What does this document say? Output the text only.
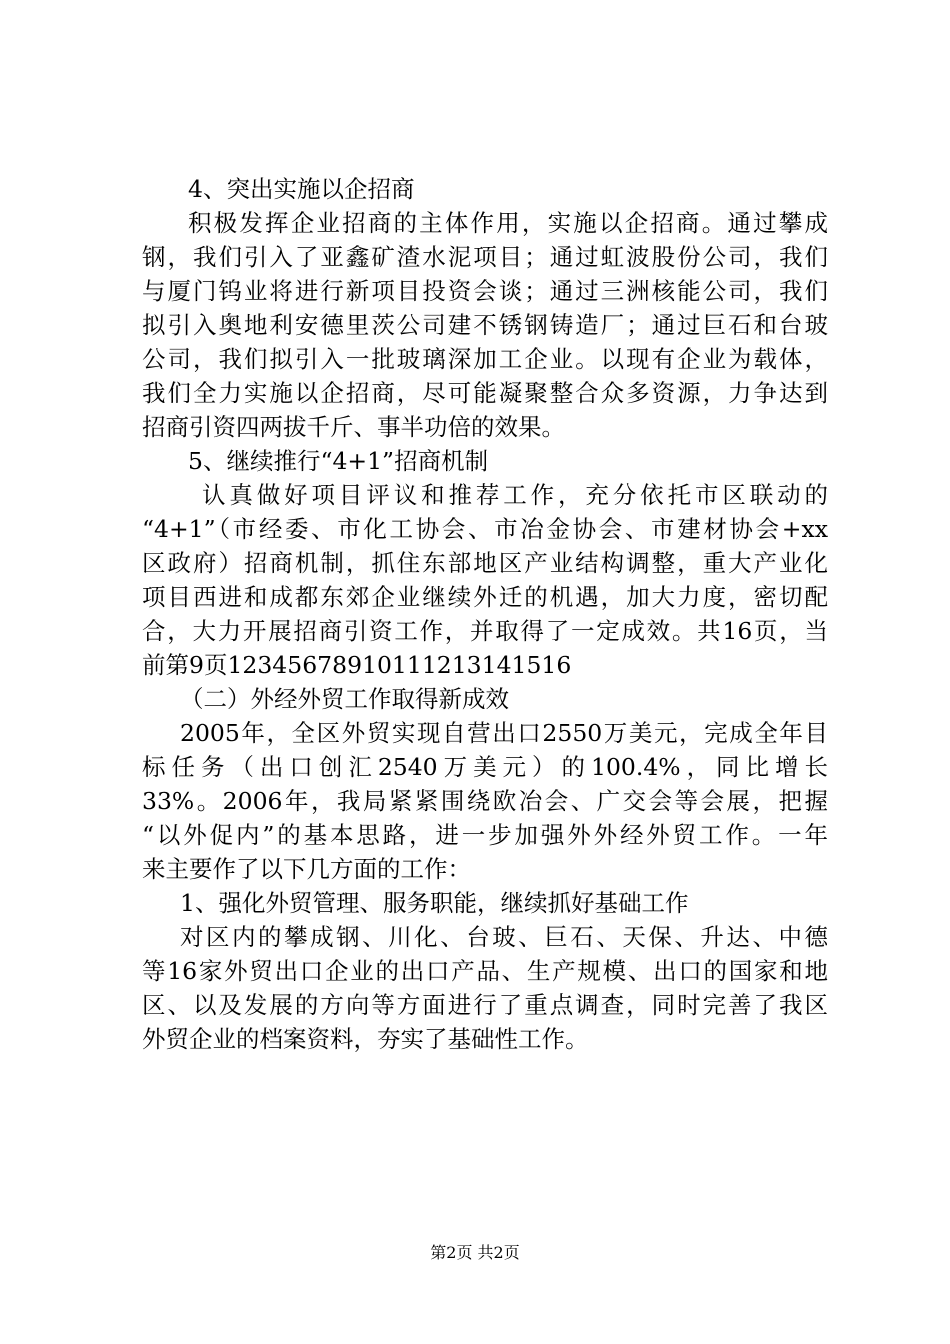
4、突出实施以企招商
积极发挥企业招商的主体作用，实施以企招商。通过攀成
钢，我们引入了亚鑫矿渣水泥项目；通过虹波股份公司，我们
与厦门钨业将进行新项目投资会谈；通过三洲核能公司，我们
拟引入奥地利安德里茨公司建不锈钢铸造厂；通过巨石和台玻
公司，我们拟引入一批玻璃深加工企业。以现有企业为载体，
我们全力实施以企招商，尽可能凝聚整合众多资源，力争达到
招商引资四两拔千斤、事半功倍的效果。
5、继续推行“4+1”招商机制
认真做好项目评议和推荐工作，充分依托市区联动的
“4+1”（市经委、市化工协会、市冶金协会、市建材协会+xx
区政府）招商机制，抓住东部地区产业结构调整，重大产业化
项目西进和成都东郊企业继续外迁的机遇，加大力度，密切配
合，大力开展招商引资工作，并取得了一定成效。共16页，当
前第9页12345678910111213141516
（二）外经外贸工作取得新成效
2005年，全区外贸实现自营出口2550万美元，完成全年目
标任务（出口创汇2540万美元）的100.4%，同比增长
33%。2006年，我局紧紧围绕欧冶会、广交会等会展，把握
“以外促内”的基本思路，进一步加强外外经外贸工作。一年
来主要作了以下几方面的工作：
1、强化外贸管理、服务职能，继续抓好基础工作
对区内的攀成钢、川化、台玻、巨石、天保、升达、中德
等16家外贸出口企业的出口产品、生产规模、出口的国家和地
区、以及发展的方向等方面进行了重点调查，同时完善了我区
外贸企业的档案资料，夯实了基础性工作。
第2页 共2页
